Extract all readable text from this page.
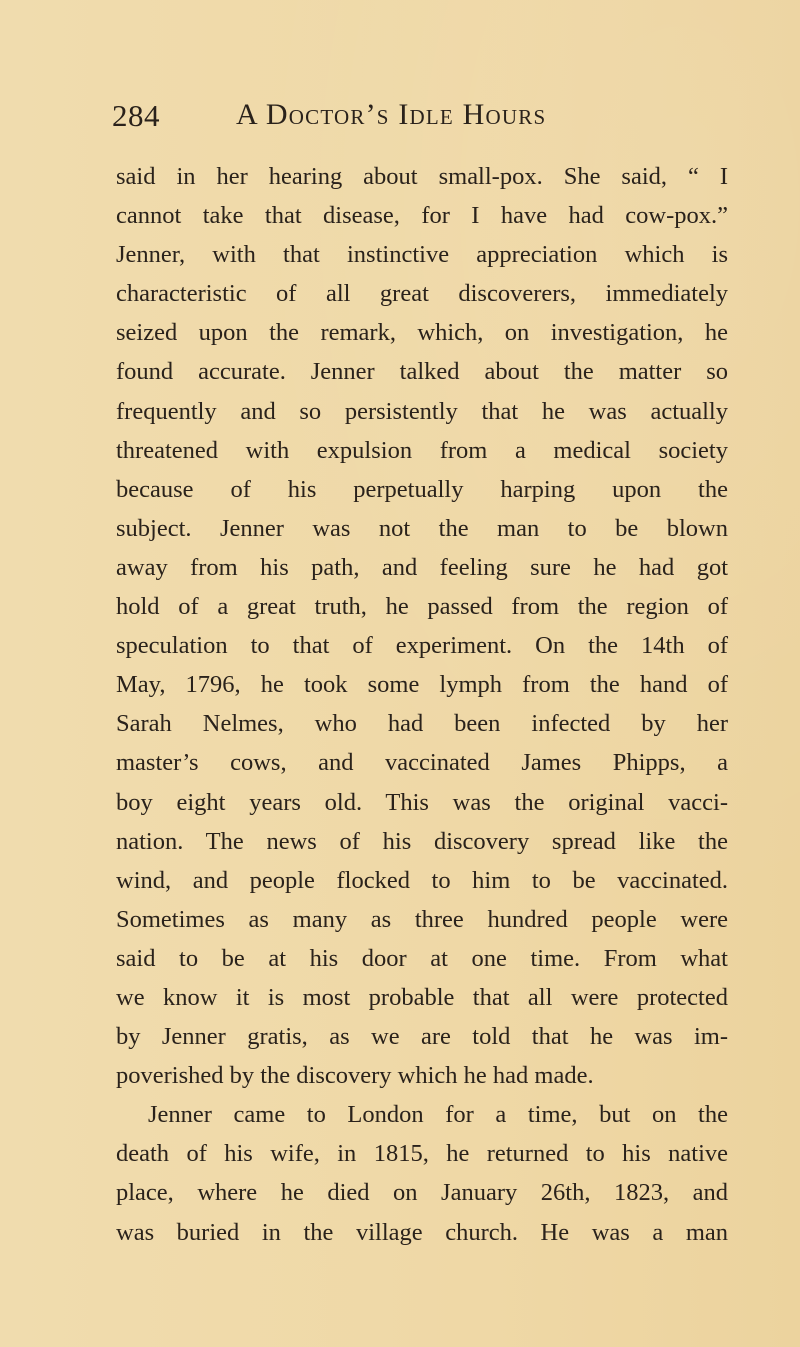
284	A Doctor’s Idle Hours
said in her hearing about small-pox. She said, “ I
cannot take that disease, for I have had cow-pox.”
Jenner, with that instinctive appreciation which is
characteristic of all great discoverers, immediately
seized upon the remark, which, on investigation, he
found accurate. Jenner talked about the matter so
frequently and so persistently that he was actually
threatened with expulsion from a medical society
because of his perpetually harping upon the
subject. Jenner was not the man to be blown
away from his path, and feeling sure he had got
hold of a great truth, he passed from the region of
speculation to that of experiment. On the 14th of
May, 1796, he took some lymph from the hand of
Sarah Nelmes, who had been infected by her
master’s cows, and vaccinated James Phipps, a
boy eight years old. This was the original vacci-
nation. The news of his discovery spread like the
wind, and people flocked to him to be vaccinated.
Sometimes as many as three hundred people were
said to be at his door at one time. From what
we know it is most probable that all were protected
by Jenner gratis, as we are told that he was im-
poverished by the discovery which he had made.
Jenner came to London for a time, but on the
death of his wife, in 1815, he returned to his native
place, where he died on January 26th, 1823, and
was buried in the village church. He was a man
